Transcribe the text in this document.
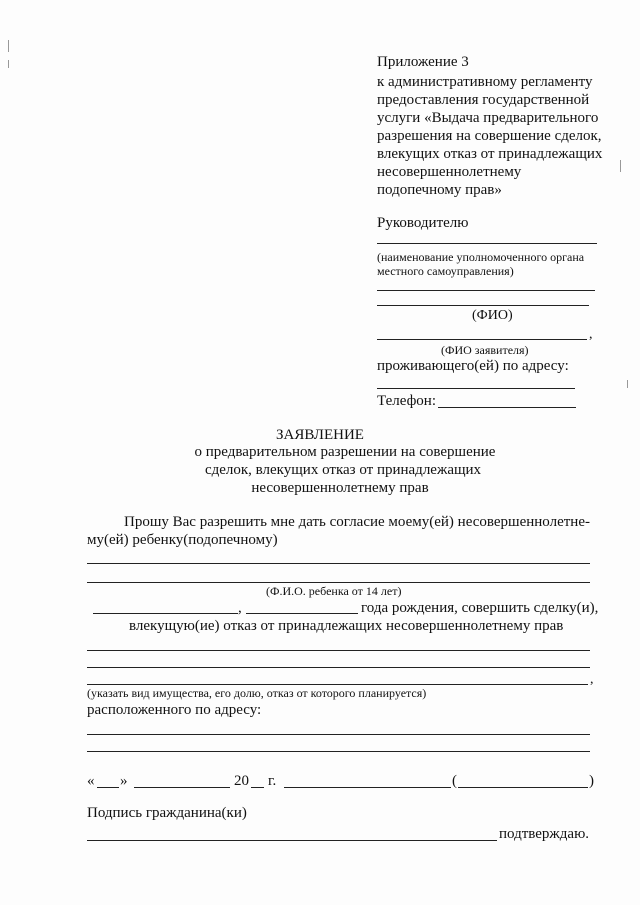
Приложение 3
к административному регламенту
предоставления государственной
услуги «Выдача предварительного
разрешения на совершение сделок,
влекущих отказ от принадлежащих
несовершеннолетнему
подопечному прав»
Руководителю
(наименование уполномоченного органа
местного самоуправления)
(ФИО)
,
(ФИО заявителя)
проживающего(ей) по адресу:
Телефон:
ЗАЯВЛЕНИЕ
о предварительном разрешении на совершение
сделок, влекущих отказ от принадлежащих
несовершеннолетнему прав
Прошу Вас разрешить мне дать согласие моему(ей) несовершеннолетне-
му(ей) ребенку(подопечному)
(Ф.И.О. ребенка от 14 лет)
,	года рождения, совершить сделку(и),
влекущую(ие) отказ от принадлежащих несовершеннолетнему прав
,
(указать вид имущества, его долю, отказ от которого планируется)
расположенного по адресу:
« »	20 г.	(	)
Подпись гражданина(ки)
подтверждаю.
